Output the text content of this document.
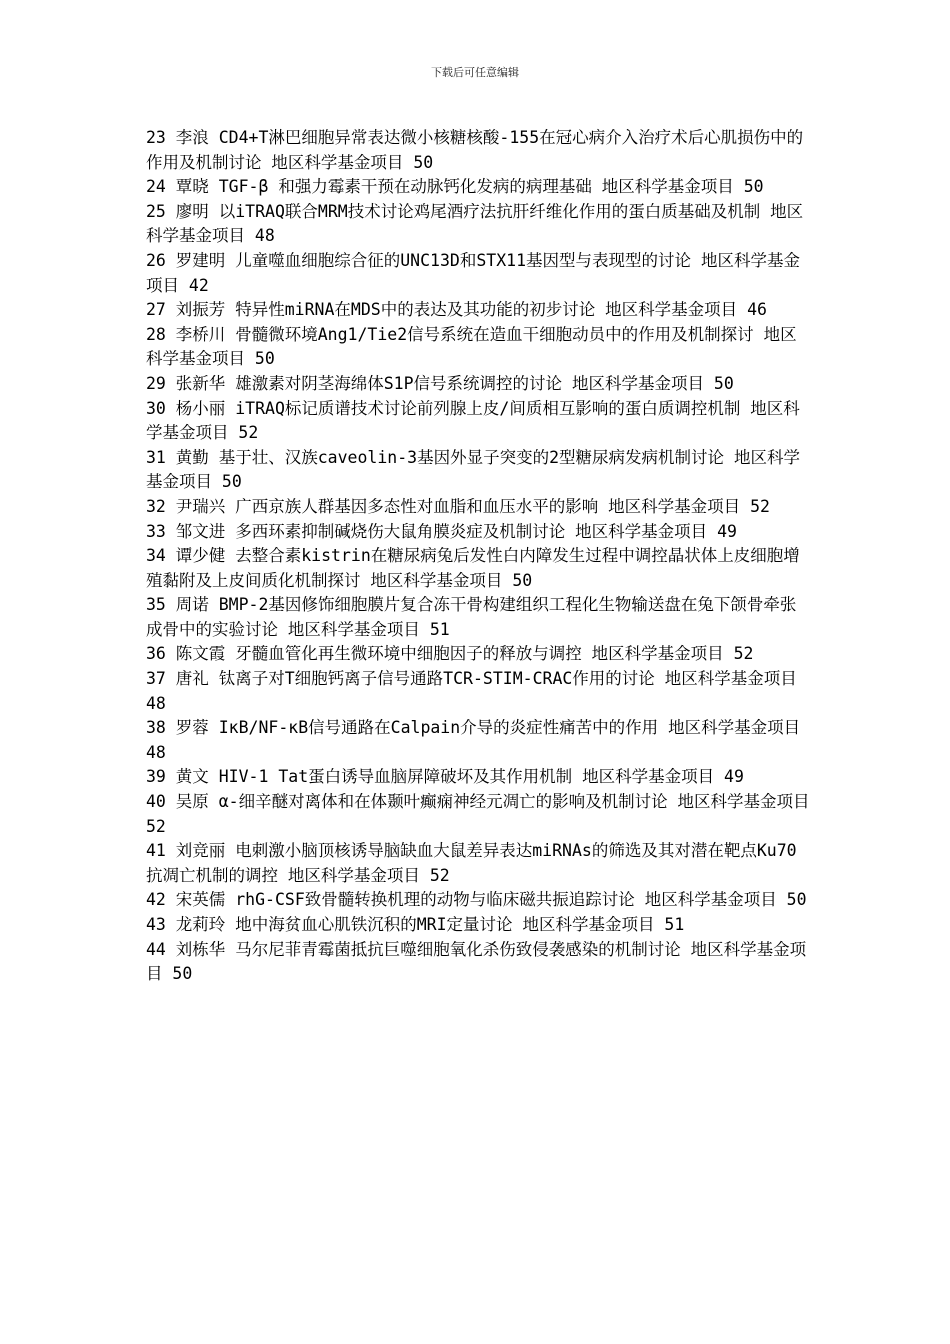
下载后可任意编辑
23 李浪 CD4+T淋巴细胞异常表达微小核糖核酸-155在冠心病介入治疗术后心肌损伤中的作用及机制讨论 地区科学基金项目 50
24 覃晓 TGF-β 和强力霉素干预在动脉钙化发病的病理基础 地区科学基金项目 50
25 廖明 以iTRAQ联合MRM技术讨论鸡尾酒疗法抗肝纤维化作用的蛋白质基础及机制 地区科学基金项目 48
26 罗建明 儿童噬血细胞综合征的UNC13D和STX11基因型与表现型的讨论 地区科学基金项目 42
27 刘振芳 特异性miRNA在MDS中的表达及其功能的初步讨论 地区科学基金项目 46
28 李桥川 骨髓微环境Ang1/Tie2信号系统在造血干细胞动员中的作用及机制探讨 地区科学基金项目 50
29 张新华 雄激素对阴茎海绵体S1P信号系统调控的讨论 地区科学基金项目 50
30 杨小丽 iTRAQ标记质谱技术讨论前列腺上皮/间质相互影响的蛋白质调控机制 地区科学基金项目 52
31 黄勤 基于壮、汉族caveolin-3基因外显子突变的2型糖尿病发病机制讨论 地区科学基金项目 50
32 尹瑞兴 广西京族人群基因多态性对血脂和血压水平的影响 地区科学基金项目 52
33 邹文进 多西环素抑制碱烧伤大鼠角膜炎症及机制讨论 地区科学基金项目 49
34 谭少健 去整合素kistrin在糖尿病兔后发性白内障发生过程中调控晶状体上皮细胞增殖黏附及上皮间质化机制探讨 地区科学基金项目 50
35 周诺 BMP-2基因修饰细胞膜片复合冻干骨构建组织工程化生物输送盘在兔下颌骨牵张成骨中的实验讨论 地区科学基金项目 51
36 陈文霞 牙髓血管化再生微环境中细胞因子的释放与调控 地区科学基金项目 52
37 唐礼 钛离子对T细胞钙离子信号通路TCR-STIM-CRAC作用的讨论 地区科学基金项目 48
38 罗蓉 IκB/NF-κB信号通路在Calpain介导的炎症性痛苦中的作用 地区科学基金项目 48
39 黄文 HIV-1 Tat蛋白诱导血脑屏障破坏及其作用机制 地区科学基金项目 49
40 吴原 α-细辛醚对离体和在体颞叶癫痫神经元凋亡的影响及机制讨论 地区科学基金项目 52
41 刘竞丽 电刺激小脑顶核诱导脑缺血大鼠差异表达miRNAs的筛选及其对潜在靶点Ku70抗凋亡机制的调控 地区科学基金项目 52
42 宋英儒 rhG-CSF致骨髓转换机理的动物与临床磁共振追踪讨论 地区科学基金项目 50
43 龙莉玲 地中海贫血心肌铁沉积的MRI定量讨论 地区科学基金项目 51
44 刘栋华 马尔尼菲青霉菌抵抗巨噬细胞氧化杀伤致侵袭感染的机制讨论 地区科学基金项目 50
